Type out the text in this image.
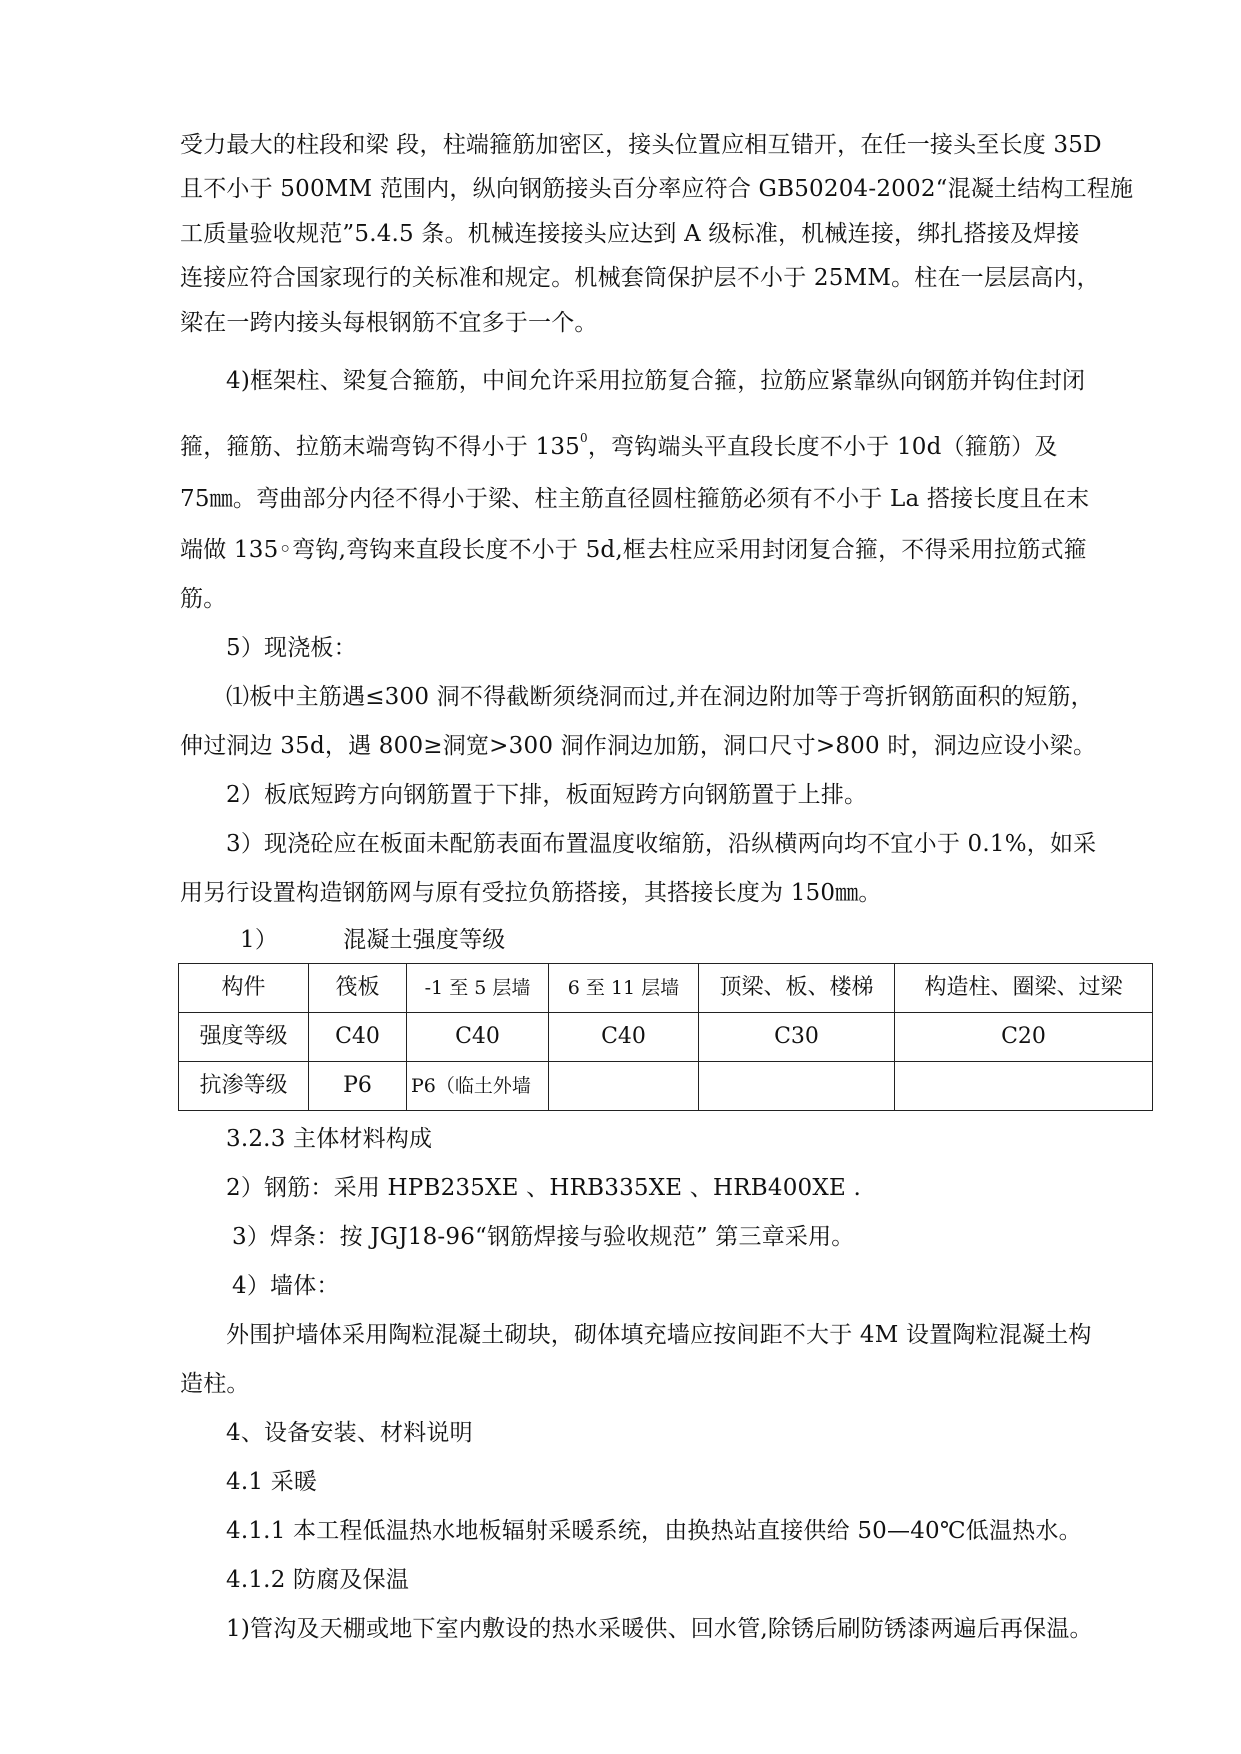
受力最大的柱段和梁 段，柱端箍筋加密区，接头位置应相互错开，在任一接头至长度 35D
且不小于 500MM 范围内，纵向钢筋接头百分率应符合 GB50204-2002“混凝土结构工程施
工质量验收规范”5.4.5 条。机械连接接头应达到 A 级标准，机械连接，绑扎搭接及焊接
连接应符合国家现行的关标准和规定。机械套筒保护层不小于 25MM。柱在一层层高内，
梁在一跨内接头每根钢筋不宜多于一个。
4)框架柱、梁复合箍筋，中间允许采用拉筋复合箍，拉筋应紧靠纵向钢筋并钩住封闭
箍，箍筋、拉筋末端弯钩不得小于 $135^0$，弯钩端头平直段长度不小于 10d（箍筋）及
75㎜。弯曲部分内径不得小于梁、柱主筋直径圆柱箍筋必须有不小于 La 搭接长度且在末
端做 135◦弯钩,弯钩来直段长度不小于 5d,框去柱应采用封闭复合箍，不得采用拉筋式箍
筋。
5）现浇板：
⑴板中主筋遇≤300 洞不得截断须绕洞而过,并在洞边附加等于弯折钢筋面积的短筋，
伸过洞边 35d，遇 800≥洞宽>300 洞作洞边加筋，洞口尺寸>800 时，洞边应设小梁。
2）板底短跨方向钢筋置于下排，板面短跨方向钢筋置于上排。
3）现浇砼应在板面未配筋表面布置温度收缩筋，沿纵横两向均不宜小于 0.1%，如采
用另行设置构造钢筋网与原有受拉负筋搭接，其搭接长度为 150㎜。
1）	混凝土强度等级
构件	筏板	-1 至 5 层墙	6 至 11 层墙	顶梁、板、楼梯	构造柱、圈梁、过梁
强度等级	C40	C40	C40	C30	C20
抗渗等级	P6	P6（临土外墙			
3.2.3 主体材料构成
2）钢筋：采用 HPB235XE 、HRB335XE 、HRB400XE .
3）焊条：按 JGJ18-96“钢筋焊接与验收规范” 第三章采用。
4）墙体：
外围护墙体采用陶粒混凝土砌块，砌体填充墙应按间距不大于 4M 设置陶粒混凝土构
造柱。
4、设备安装、材料说明
4.1 采暖
4.1.1 本工程低温热水地板辐射采暖系统，由换热站直接供给 50—40℃低温热水。
4.1.2 防腐及保温
1)管沟及天棚或地下室内敷设的热水采暖供、回水管,除锈后刷防锈漆两遍后再保温。
